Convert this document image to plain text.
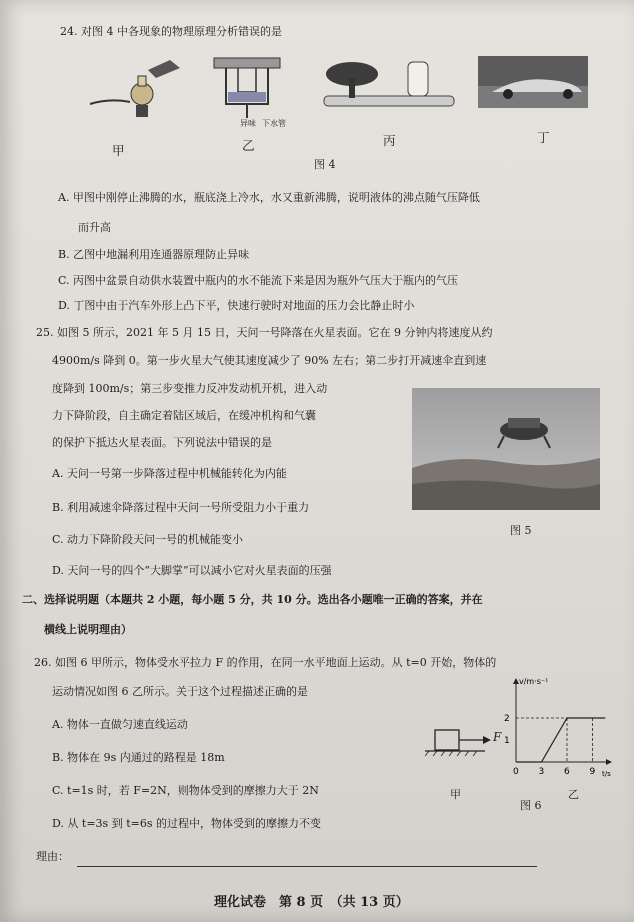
24. 对图 4 中各现象的物理原理分析错误的是
异味 下水管
甲	乙	丙	丁
图 4
A. 甲图中刚停止沸腾的水，瓶底浇上冷水，水又重新沸腾，说明液体的沸点随气压降低
而升高
B. 乙图中地漏利用连通器原理防止异味
C. 丙图中盆景自动供水装置中瓶内的水不能流下来是因为瓶外气压大于瓶内的气压
D. 丁图中由于汽车外形上凸下平，快速行驶时对地面的压力会比静止时小
25. 如图 5 所示，2021 年 5 月 15 日，天问一号降落在火星表面。它在 9 分钟内将速度从约
4900m/s 降到 0。第一步火星大气使其速度减少了 90% 左右；第二步打开减速伞直到速
度降到 100m/s；第三步变推力反冲发动机开机，进入动
力下降阶段，自主确定着陆区域后，在缓冲机构和气囊
的保护下抵达火星表面。下列说法中错误的是
图 5
A. 天问一号第一步降落过程中机械能转化为内能
B. 利用减速伞降落过程中天问一号所受阻力小于重力
C. 动力下降阶段天问一号的机械能变小
D. 天问一号的四个“大脚掌”可以减小它对火星表面的压强
二、选择说明题（本题共 2 小题，每小题 5 分，共 10 分。选出各小题唯一正确的答案，并在
横线上说明理由）
26. 如图 6 甲所示，物体受水平拉力 F 的作用，在同一水平地面上运动。从 t=0 开始，物体的
运动情况如图 6 乙所示。关于这个过程描述正确的是
A. 物体一直做匀速直线运动
B. 物体在 9s 内通过的路程是 18m
C. t=1s 时，若 F=2N，则物体受到的摩擦力大于 2N
D. 从 t=3s 到 t=6s 的过程中，物体受到的摩擦力不变
理由：
F
甲	乙
图 6
v/m·s⁻¹
t/s
0 3 6 9
1
2
理化试卷　第 8 页　（共 13 页）
